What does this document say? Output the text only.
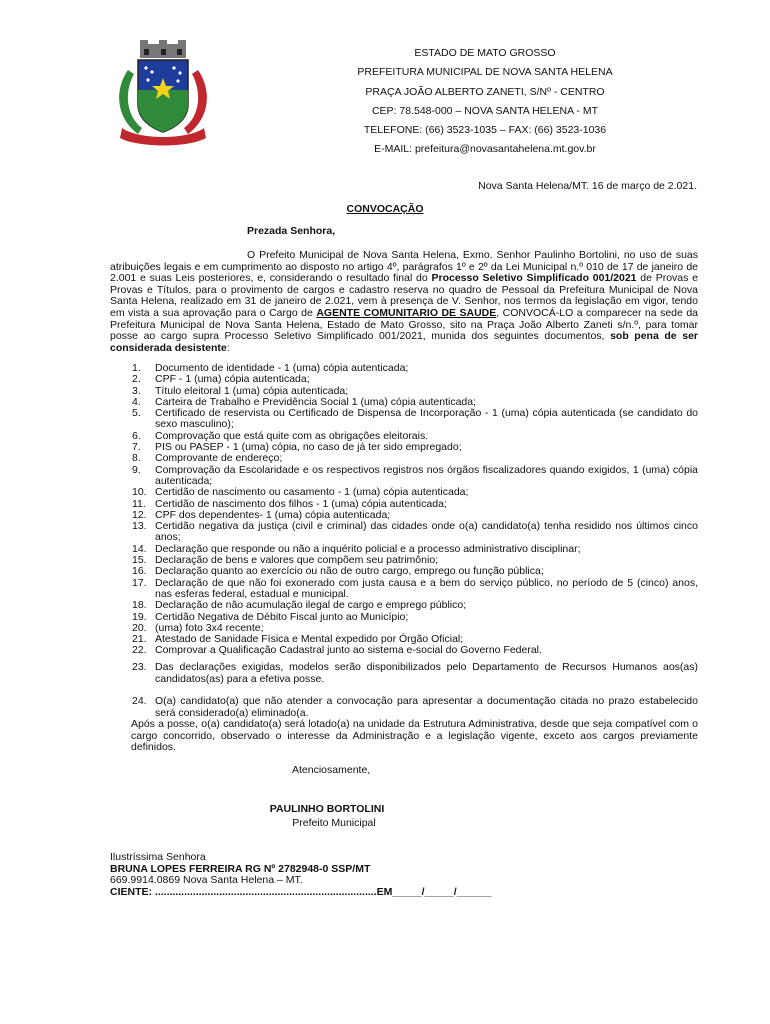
ESTADO DE MATO GROSSO
PREFEITURA MUNICIPAL DE NOVA SANTA HELENA
PRAÇA JOÃO ALBERTO ZANETI, S/Nº - CENTRO
CEP: 78.548-000 – NOVA SANTA HELENA - MT
TELEFONE: (66) 3523-1035 – FAX: (66) 3523-1036
E-MAIL: prefeitura@novasantahelena.mt.gov.br
Nova Santa Helena/MT. 16 de março de 2.021.
CONVOCAÇÃO
Prezada Senhora,

O Prefeito Municipal de Nova Santa Helena, Exmo. Senhor Paulinho Bortolini, no uso de suas atribuições legais e em cumprimento ao disposto no artigo 4º, parágrafos 1º e 2º da Lei Municipal n.º 010 de 17 de janeiro de 2.001 e suas Leis posteriores, e, considerando o resultado final do Processo Seletivo Simplificado 001/2021 de Provas e Provas e Títulos, para o provimento de cargos e cadastro reserva no quadro de Pessoal da Prefeitura Municipal de Nova Santa Helena, realizado em 31 de janeiro de 2.021, vem à presença de V. Senhor, nos termos da legislação em vigor, tendo em vista a sua aprovação para o Cargo de AGENTE COMUNITARIO DE SAUDE, CONVOCÁ-LO a comparecer na sede da Prefeitura Municipal de Nova Santa Helena, Estado de Mato Grosso, sito na Praça João Alberto Zaneti s/n.º, para tomar posse ao cargo supra Processo Seletivo Simplificado 001/2021, munida dos seguintes documentos, sob pena de ser considerada desistente:

1.	Documento de identidade - 1 (uma) cópia autenticada;
2.	CPF - 1 (uma) cópia autenticada;
3.	Título eleitoral 1 (uma) cópia autenticada;
4.	Carteira de Trabalho e Previdência Social 1 (uma) cópia autenticada;
5.	Certificado de reservista ou Certificado de Dispensa de Incorporação - 1 (uma) cópia autenticada (se candidato do sexo masculino);
6.	Comprovação que está quite com as obrigações eleitorais.
7.	PIS ou PASEP - 1 (uma) cópia, no caso de já ter sido empregado;
8.	Comprovante de endereço;
9.	Comprovação da Escolaridade e os respectivos registros nos órgãos fiscalizadores quando exigidos, 1 (uma) cópia autenticada;
10. Certidão de nascimento ou casamento - 1 (uma) cópia autenticada;
11. Certidão de nascimento dos filhos - 1 (uma) cópia autenticada;
12. CPF dos dependentes- 1 (uma) cópia autenticada;
13. Certidão negativa da justiça (civil e criminal) das cidades onde o(a) candidato(a) tenha residido nos últimos cinco anos;
14. Declaração que responde ou não a inquérito policial e a processo administrativo disciplinar;
15. Declaração de bens e valores que compõem seu patrimônio;
16. Declaração quanto ao exercício ou não de outro cargo, emprego ou função pública;
17. Declaração de que não foi exonerado com justa causa e a bem do serviço público, no período de 5 (cinco) anos, nas esferas federal, estadual e municipal.
18. Declaração de não acumulação ilegal de cargo e emprego público;
19. Certidão Negativa de Débito Fiscal junto ao Município;
20. (uma) foto 3x4 recente;
21. Atestado de Sanidade Física e Mental expedido por Órgão Oficial;
22. Comprovar a Qualificação Cadastral junto ao sistema e-social do Governo Federal.
23. Das declarações exigidas, modelos serão disponibilizados pelo Departamento de Recursos Humanos aos(as) candidatos(as) para a efetiva posse.
24. O(a) candidato(a) que não atender a convocação para apresentar a documentação citada no prazo estabelecido será considerado(a) eliminado(a.
Após a posse, o(a) candidato(a) será lotado(a) na unidade da Estrutura Administrativa, desde que seja compatível com o cargo concorrido, observado o interesse da Administração e a legislação vigente, exceto aos cargos previamente definidos.
Atenciosamente,
PAULINHO BORTOLINI
Prefeito Municipal
Ilustríssima Senhora
BRUNA LOPES FERREIRA RG Nº 2782948-0 SSP/MT
669.9914.0869 Nova Santa Helena – MT.
CIENTE: ............................................................................EM_____/_____/______
